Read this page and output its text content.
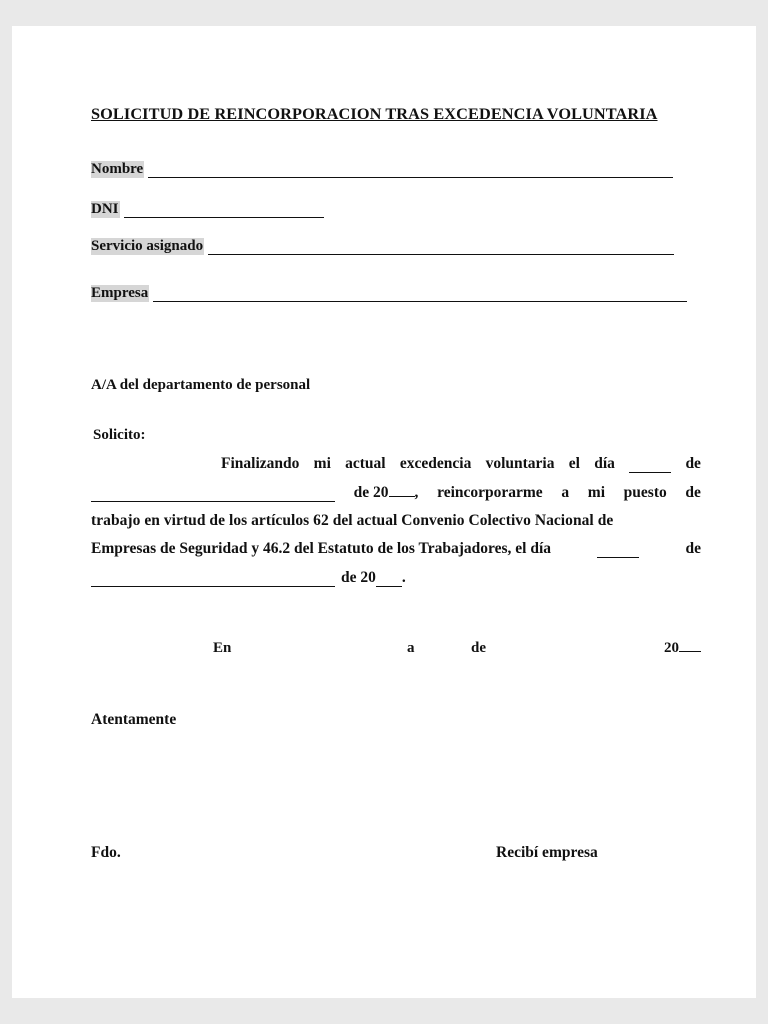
SOLICITUD DE REINCORPORACION TRAS EXCEDENCIA VOLUNTARIA
Nombre
DNI
Servicio asignado
Empresa
A/A del departamento de personal
Solicito:
Finalizando mi actual excedencia voluntaria el día	de
de 20 , reincorporarme a mi puesto de
trabajo en virtud de los artículos 62 del actual Convenio Colectivo Nacional de
Empresas de Seguridad y 46.2 del Estatuto de los Trabajadores, el día	de
de 20 .
En	a	de	20
Atentamente
Fdo.	Recibí empresa
